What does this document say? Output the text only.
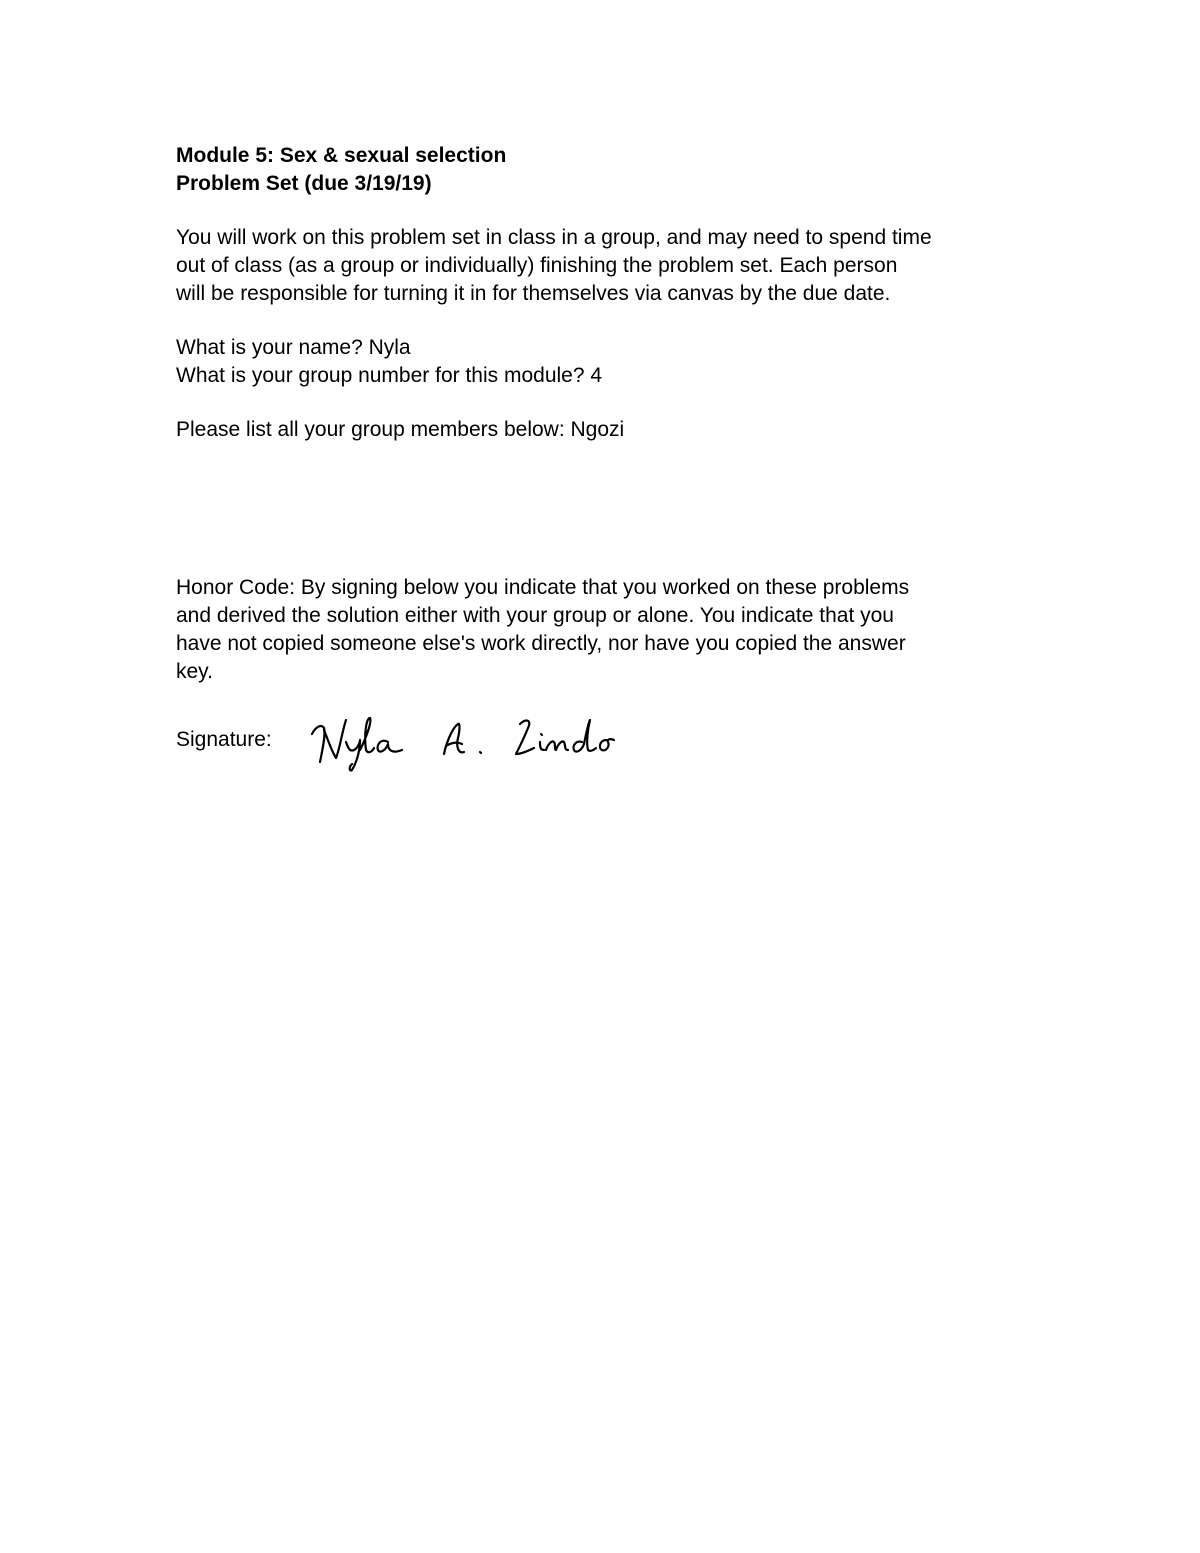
Module 5: Sex & sexual selection
Problem Set (due 3/19/19)
You will work on this problem set in class in a group, and may need to spend time
out of class (as a group or individually) finishing the problem set. Each person
will be responsible for turning it in for themselves via canvas by the due date.
What is your name? Nyla
What is your group number for this module? 4
Please list all your group members below: Ngozi
Honor Code: By signing below you indicate that you worked on these problems
and derived the solution either with your group or alone. You indicate that you
have not copied someone else's work directly, nor have you copied the answer
key.
Signature:
